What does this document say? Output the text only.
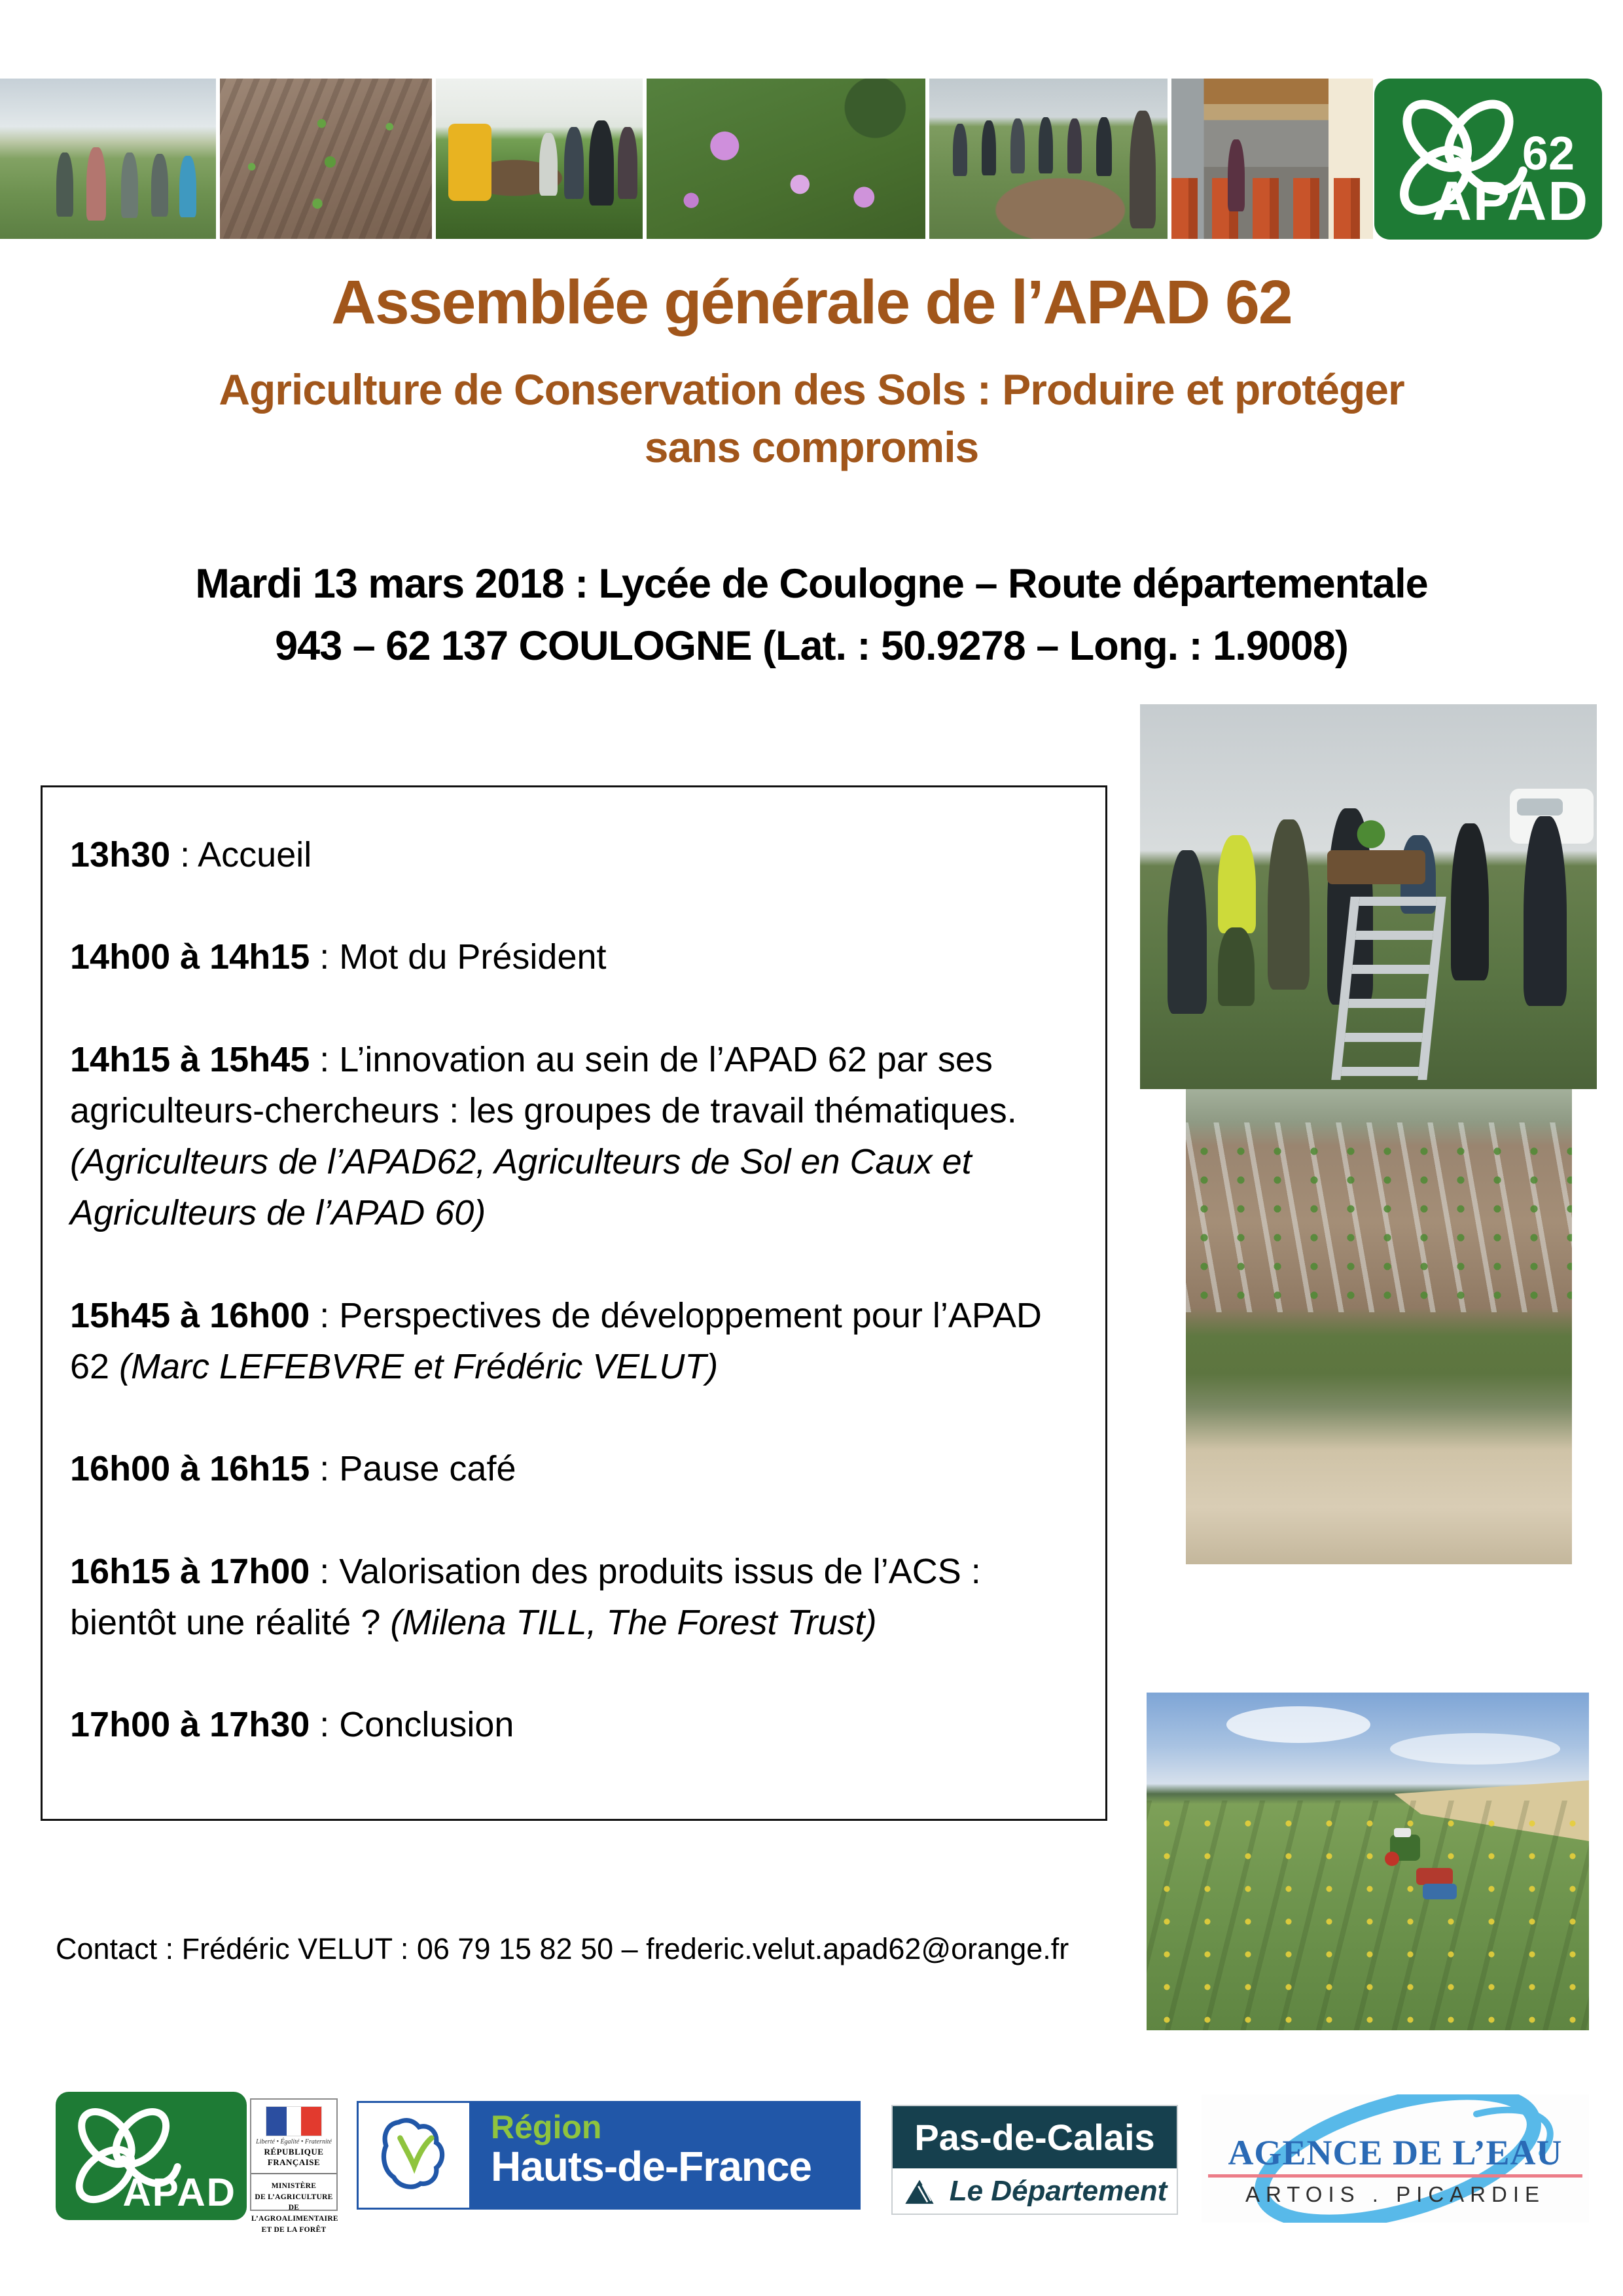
62
APAD
Assemblée générale de l’APAD 62
Agriculture de Conservation des Sols : Produire et protéger
sans compromis
Mardi 13 mars 2018 : Lycée de Coulogne – Route départementale
943 – 62 137 COULOGNE (Lat. : 50.9278 – Long. : 1.9008)
13h30 : Accueil
14h00 à 14h15 : Mot du Président
14h15 à 15h45 : L’innovation au sein de l’APAD 62 par ses agriculteurs-chercheurs : les groupes de travail thématiques. (Agriculteurs de l’APAD62, Agriculteurs de Sol en Caux et Agriculteurs de l’APAD 60)
15h45 à 16h00 : Perspectives de développement pour l’APAD 62 (Marc LEFEBVRE et Frédéric VELUT)
16h00 à 16h15 : Pause café
16h15 à 17h00 : Valorisation des produits issus de l’ACS : bientôt une réalité ? (Milena TILL, The Forest Trust)
17h00 à 17h30 : Conclusion
Contact : Frédéric VELUT : 06 79 15 82 50 – frederic.velut.apad62@orange.fr
APAD
Liberté • Égalité • Fraternité
RÉPUBLIQUE FRANÇAISE
MINISTÈRE
DE L’AGRICULTURE
DE L’AGROALIMENTAIRE
ET DE LA FORÊT
Région
Hauts-de-France
Pas-de-Calais
Le Département
AGENCE DE L’EAU
ARTOIS . PICARDIE
